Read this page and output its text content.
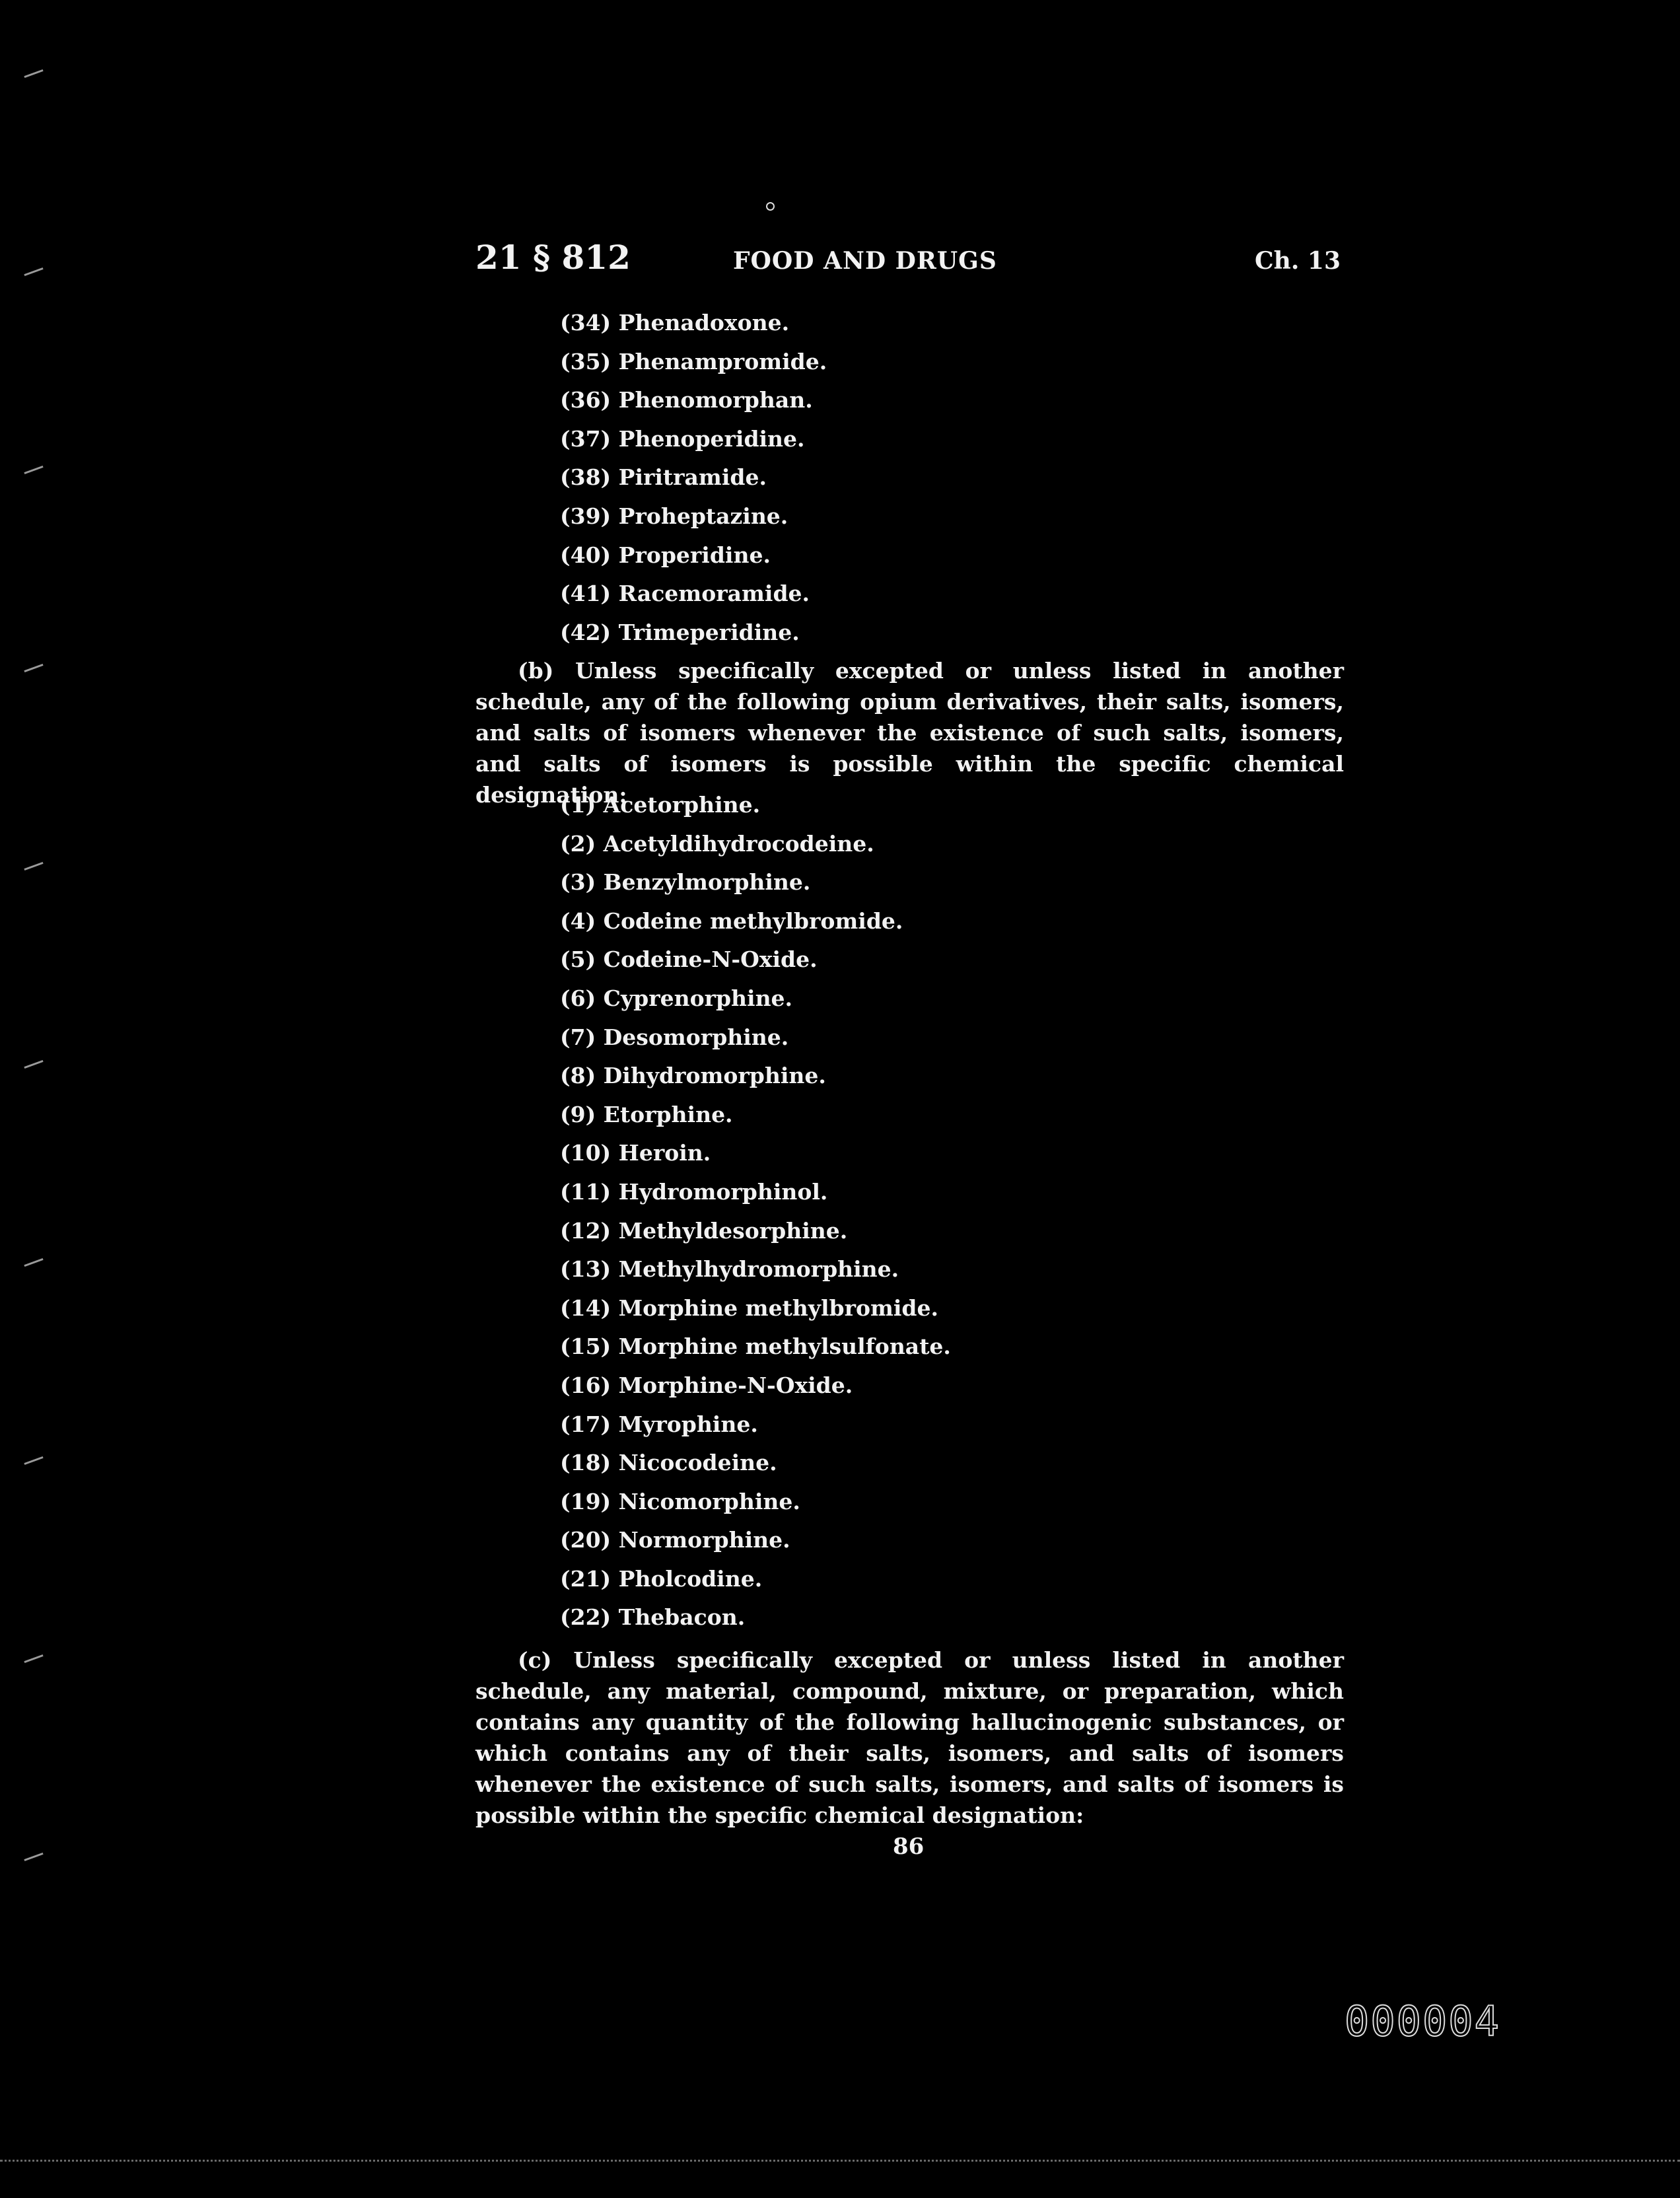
21 § 812	FOOD AND DRUGS	Ch. 13
(34) Phenadoxone.
(35) Phenampromide.
(36) Phenomorphan.
(37) Phenoperidine.
(38) Piritramide.
(39) Proheptazine.
(40) Properidine.
(41) Racemoramide.
(42) Trimeperidine.

(b) Unless specifically excepted or unless listed in another schedule, any of the following opium derivatives, their salts, isomers, and salts of isomers whenever the existence of such salts, isomers, and salts of isomers is possible within the specific chemical designation:

(1) Acetorphine.
(2) Acetyldihydrocodeine.
(3) Benzylmorphine.
(4) Codeine methylbromide.
(5) Codeine-N-Oxide.
(6) Cyprenorphine.
(7) Desomorphine.
(8) Dihydromorphine.
(9) Etorphine.
(10) Heroin.
(11) Hydromorphinol.
(12) Methyldesorphine.
(13) Methylhydromorphine.
(14) Morphine methylbromide.
(15) Morphine methylsulfonate.
(16) Morphine-N-Oxide.
(17) Myrophine.
(18) Nicocodeine.
(19) Nicomorphine.
(20) Normorphine.
(21) Pholcodine.
(22) Thebacon.

(c) Unless specifically excepted or unless listed in another schedule, any material, compound, mixture, or preparation, which contains any quantity of the following hallucinogenic substances, or which contains any of their salts, isomers, and salts of isomers whenever the existence of such salts, isomers, and salts of isomers is possible within the specific chemical designation:

86
000004
